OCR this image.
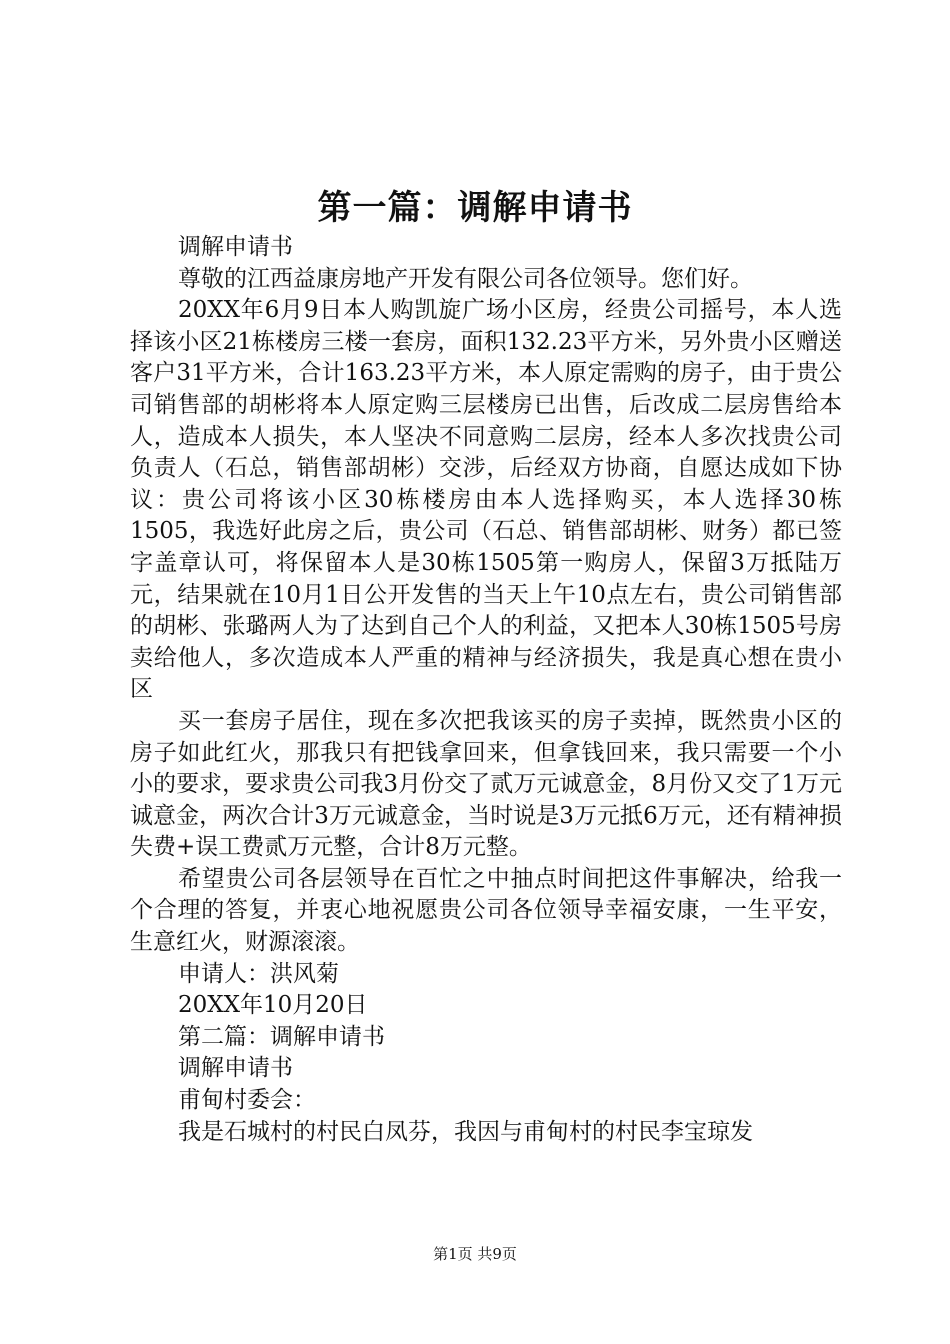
第一篇：调解申请书

调解申请书

尊敬的江西益康房地产开发有限公司各位领导。您们好。

20XX年6月9日本人购凯旋广场小区房，经贵公司摇号，本人选择该小区21栋楼房三楼一套房，面积132.23平方米，另外贵小区赠送客户31平方米，合计163.23平方米，本人原定需购的房子，由于贵公司销售部的胡彬将本人原定购三层楼房已出售，后改成二层房售给本人，造成本人损失，本人坚决不同意购二层房，经本人多次找贵公司负责人（石总，销售部胡彬）交涉，后经双方协商，自愿达成如下协议：贵公司将该小区30栋楼房由本人选择购买，本人选择30栋1505，我选好此房之后，贵公司（石总、销售部胡彬、财务）都已签字盖章认可，将保留本人是30栋1505第一购房人，保留3万抵陆万元，结果就在10月1日公开发售的当天上午10点左右，贵公司销售部的胡彬、张璐两人为了达到自己个人的利益，又把本人30栋1505号房卖给他人，多次造成本人严重的精神与经济损失，我是真心想在贵小区

买一套房子居住，现在多次把我该买的房子卖掉，既然贵小区的房子如此红火，那我只有把钱拿回来，但拿钱回来，我只需要一个小小的要求，要求贵公司我3月份交了贰万元诚意金，8月份又交了1万元诚意金，两次合计3万元诚意金，当时说是3万元抵6万元，还有精神损失费+误工费贰万元整，合计8万元整。

希望贵公司各层领导在百忙之中抽点时间把这件事解决，给我一个合理的答复，并衷心地祝愿贵公司各位领导幸福安康，一生平安，生意红火，财源滚滚。

申请人：洪风菊

20XX年10月20日

第二篇：调解申请书

调解申请书

甫甸村委会：

我是石城村的村民白凤芬，我因与甫甸村的村民李宝琼发

第1页 共9页
